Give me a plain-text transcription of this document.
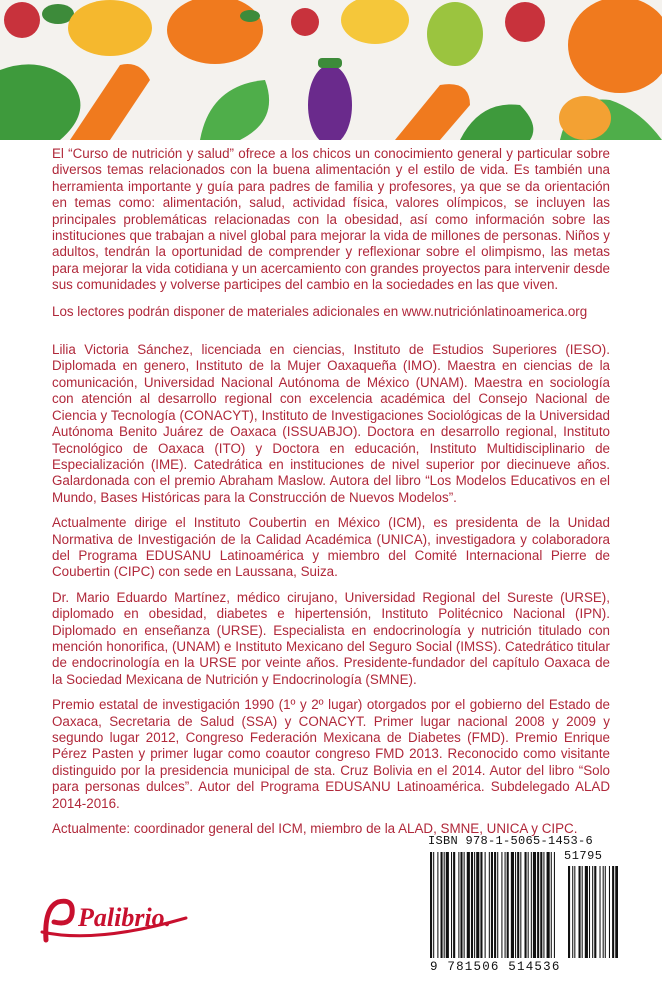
El “Curso de nutrición y salud” ofrece a los chicos un conocimiento general y particular sobre diversos temas relacionados con la buena alimentación y el estilo de vida. Es también una herramienta importante y guía para padres de familia y profesores, ya que se da orientación en temas como: alimentación, salud, actividad física, valores olímpicos, se incluyen las principales problemáticas relacionadas con la obesidad, así como información sobre las instituciones que trabajan a nivel global para mejorar la vida de millones de personas. Niños y adultos, tendrán la oportunidad de comprender y reflexionar sobre el olimpismo, las metas para mejorar la vida cotidiana y un acercamiento con grandes proyectos para intervenir desde sus comunidades y volverse participes del cambio en la sociedades en las que viven.

Los lectores podrán disponer de materiales adicionales en www.nutriciónlatinoamerica.org

Lilia Victoria Sánchez, licenciada en ciencias, Instituto de Estudios Superiores (IESO). Diplomada en genero, Instituto de la Mujer Oaxaqueña (IMO). Maestra en ciencias de la comunicación, Universidad Nacional Autónoma de México (UNAM). Maestra en sociología con atención al desarrollo regional con excelencia académica del Consejo Nacional de Ciencia y Tecnología (CONACYT), Instituto de Investigaciones Sociológicas de la Universidad Autónoma Benito Juárez de Oaxaca (ISSUABJO). Doctora en desarrollo regional, Instituto Tecnológico de Oaxaca (ITO) y Doctora en educación, Instituto Multidisciplinario de Especialización (IME). Catedrática en instituciones de nivel superior por diecinueve años. Galardonada con el premio Abraham Maslow. Autora del libro “Los Modelos Educativos en el Mundo, Bases Históricas para la Construcción de Nuevos Modelos”.

Actualmente dirige el Instituto Coubertin en México (ICM), es presidenta de la Unidad Normativa de Investigación de la Calidad Académica (UNICA), investigadora y colaboradora del Programa EDUSANU Latinoamérica y miembro del Comité Internacional Pierre de Coubertin (CIPC) con sede en Laussana, Suiza.

Dr. Mario Eduardo Martínez, médico cirujano, Universidad Regional del Sureste (URSE), diplomado en obesidad, diabetes e hipertensión, Instituto Politécnico Nacional (IPN). Diplomado en enseñanza (URSE). Especialista en endocrinología y nutrición titulado con mención honorifica, (UNAM) e Instituto Mexicano del Seguro Social (IMSS). Catedrático titular de endocrinología en la URSE por veinte años. Presidente-fundador del capítulo Oaxaca de la Sociedad Mexicana de Nutrición y Endocrinología (SMNE).

Premio estatal de investigación 1990 (1º y 2º lugar) otorgados por el gobierno del Estado de Oaxaca, Secretaria de Salud (SSA) y CONACYT. Primer lugar nacional 2008 y 2009 y segundo lugar 2012, Congreso Federación Mexicana de Diabetes (FMD). Premio Enrique Pérez Pasten y primer lugar como coautor congreso FMD 2013. Reconocido como visitante distinguido por la presidencia municipal de sta. Cruz Bolivia en el 2014. Autor del libro “Solo para personas dulces”. Autor del Programa EDUSANU Latinoamérica. Subdelegado ALAD 2014-2016.

Actualmente: coordinador general del ICM, miembro de la ALAD, SMNE, UNICA y CIPC.

ISBN 978-1-5065-1453-6
51795
9 781506 514536
Palibrio.
